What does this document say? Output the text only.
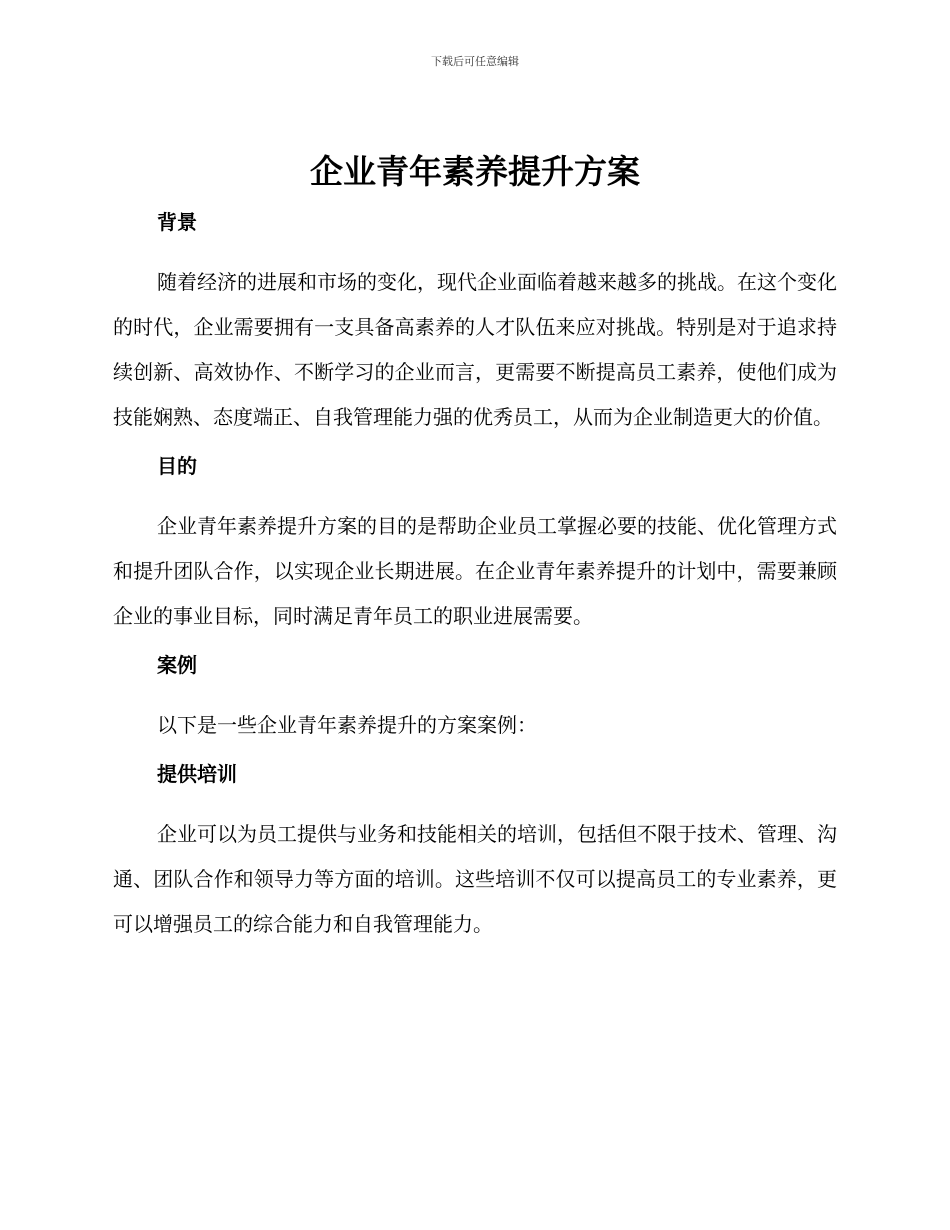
下载后可任意编辑
企业青年素养提升方案
背景

随着经济的进展和市场的变化，现代企业面临着越来越多的挑战。在这个变化的时代，企业需要拥有一支具备高素养的人才队伍来应对挑战。特别是对于追求持续创新、高效协作、不断学习的企业而言，更需要不断提高员工素养，使他们成为技能娴熟、态度端正、自我管理能力强的优秀员工，从而为企业制造更大的价值。

目的

企业青年素养提升方案的目的是帮助企业员工掌握必要的技能、优化管理方式和提升团队合作，以实现企业长期进展。在企业青年素养提升的计划中，需要兼顾企业的事业目标，同时满足青年员工的职业进展需要。

案例

以下是一些企业青年素养提升的方案案例：

提供培训

企业可以为员工提供与业务和技能相关的培训，包括但不限于技术、管理、沟通、团队合作和领导力等方面的培训。这些培训不仅可以提高员工的专业素养，更可以增强员工的综合能力和自我管理能力。
